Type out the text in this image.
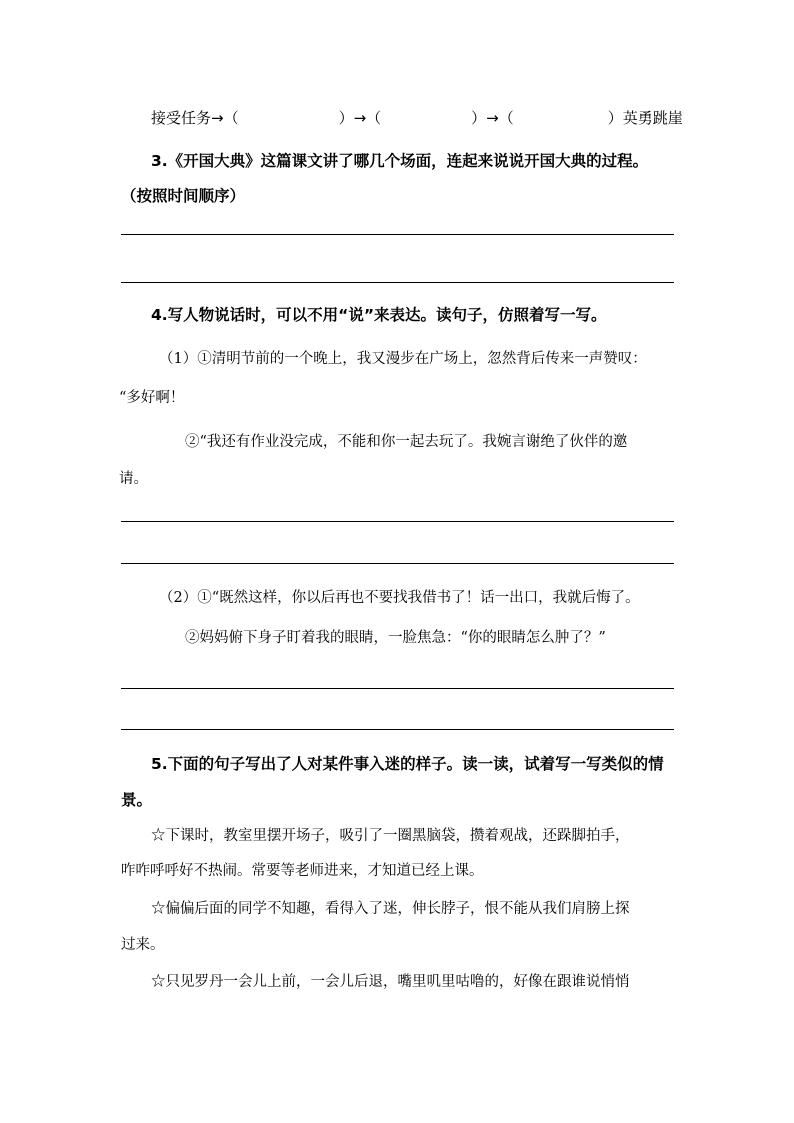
接受任务→（	）→（	）→（	）英勇跳崖
3.《开国大典》这篇课文讲了哪几个场面，连起来说说开国大典的过程。
（按照时间顺序）
4.写人物说话时，可以不用“说”来表达。读句子，仿照着写一写。
（1）①清明节前的一个晚上，我又漫步在广场上，忽然背后传来一声赞叹：
“多好啊！
②“我还有作业没完成，不能和你一起去玩了。我婉言谢绝了伙伴的邀
请。
（2）①“既然这样，你以后再也不要找我借书了！话一出口，我就后悔了。
②妈妈俯下身子盯着我的眼睛，一脸焦急：“你的眼睛怎么肿了？”
5.下面的句子写出了人对某件事入迷的样子。读一读，试着写一写类似的情
景。
☆下课时，教室里摆开场子，吸引了一圈黑脑袋，攒着观战，还跺脚拍手，
咋咋呼呼好不热闹。常要等老师进来，才知道已经上课。
☆偏偏后面的同学不知趣，看得入了迷，伸长脖子，恨不能从我们肩膀上探
过来。
☆只见罗丹一会儿上前，一会儿后退，嘴里叽里咕噜的，好像在跟谁说悄悄
